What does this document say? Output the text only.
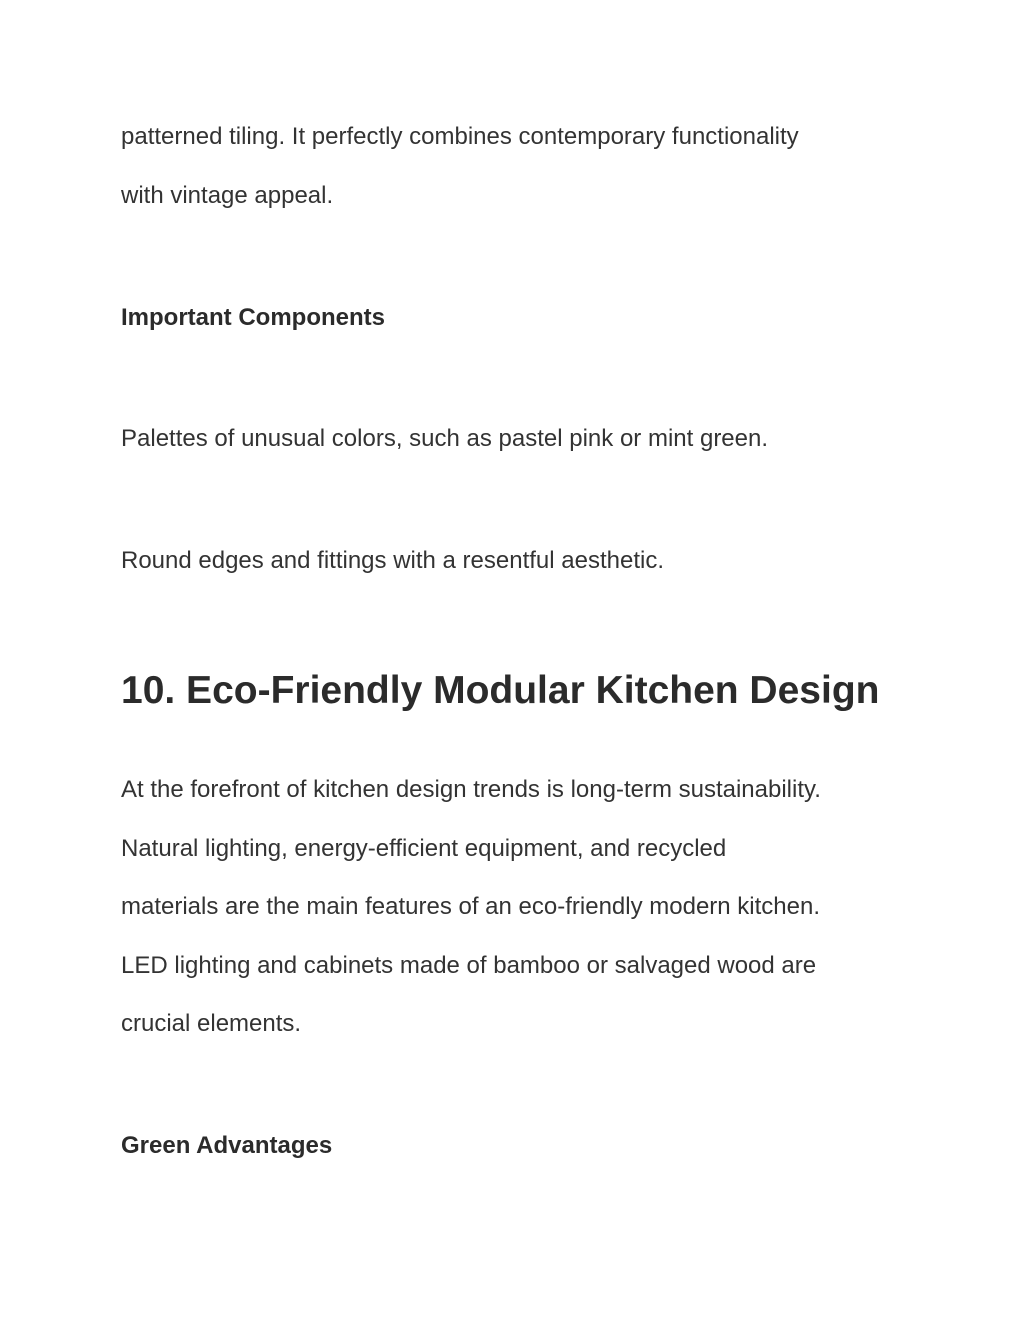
patterned tiling. It perfectly combines contemporary functionality

with vintage appeal.

Important Components

Palettes of unusual colors, such as pastel pink or mint green.

Round edges and fittings with a resentful aesthetic.

10. Eco-Friendly Modular Kitchen Design

At the forefront of kitchen design trends is long-term sustainability.

Natural lighting, energy-efficient equipment, and recycled

materials are the main features of an eco-friendly modern kitchen.

LED lighting and cabinets made of bamboo or salvaged wood are

crucial elements.

Green Advantages
